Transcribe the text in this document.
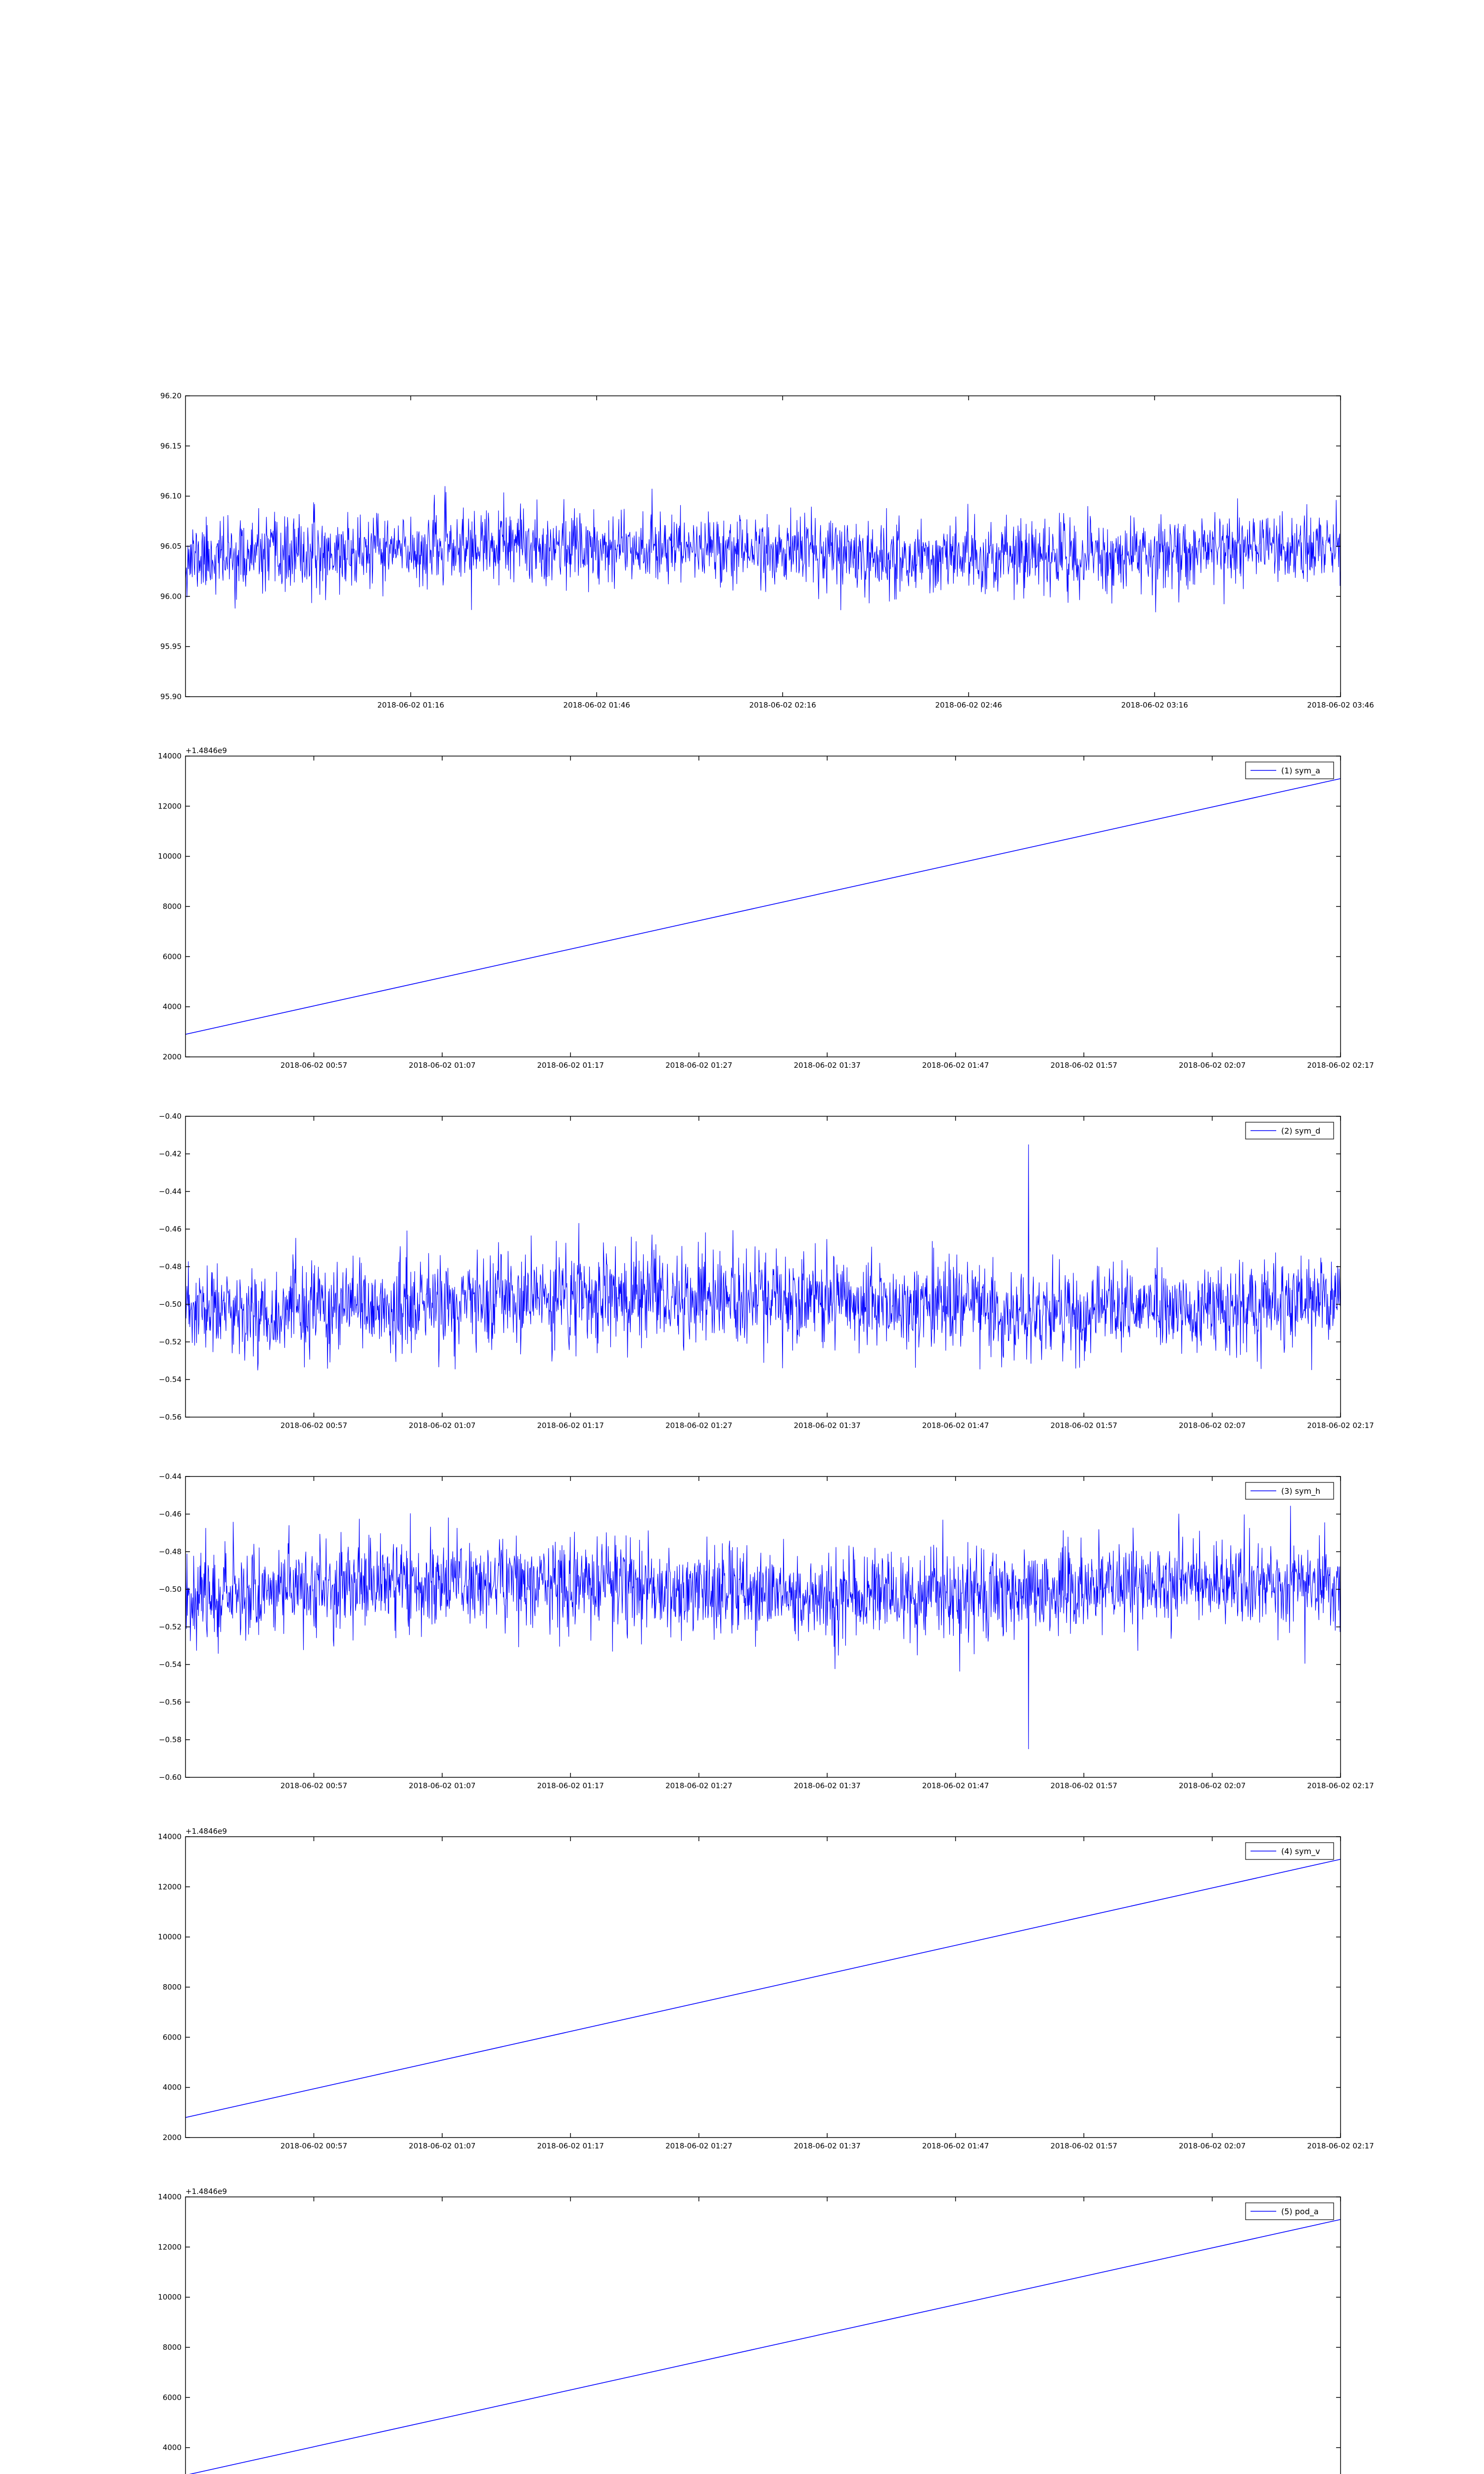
95.90
95.95
96.00
96.05
96.10
96.15
96.20
2018-06-02 01:16	2018-06-02 01:46	2018-06-02 02:16	2018-06-02 02:46	2018-06-02 03:16	2018-06-02 03:46
2000
4000
6000
8000
10000
12000
14000
2018-06-02 00:57	2018-06-02 01:07	2018-06-02 01:17	2018-06-02 01:27	2018-06-02 01:37	2018-06-02 01:47	2018-06-02 01:57	2018-06-02 02:07	2018-06-02 02:17
+1.4846e9
(1) sym_a
−0.56
−0.54
−0.52
−0.50
−0.48
−0.46
−0.44
−0.42
−0.40
2018-06-02 00:57	2018-06-02 01:07	2018-06-02 01:17	2018-06-02 01:27	2018-06-02 01:37	2018-06-02 01:47	2018-06-02 01:57	2018-06-02 02:07	2018-06-02 02:17
(2) sym_d
−0.60
−0.58
−0.56
−0.54
−0.52
−0.50
−0.48
−0.46
−0.44
2018-06-02 00:57	2018-06-02 01:07	2018-06-02 01:17	2018-06-02 01:27	2018-06-02 01:37	2018-06-02 01:47	2018-06-02 01:57	2018-06-02 02:07	2018-06-02 02:17
(3) sym_h
2000
4000
6000
8000
10000
12000
14000
2018-06-02 00:57	2018-06-02 01:07	2018-06-02 01:17	2018-06-02 01:27	2018-06-02 01:37	2018-06-02 01:47	2018-06-02 01:57	2018-06-02 02:07	2018-06-02 02:17
+1.4846e9
(4) sym_v
4000
6000
8000
10000
12000
14000
+1.4846e9
(5) pod_a
